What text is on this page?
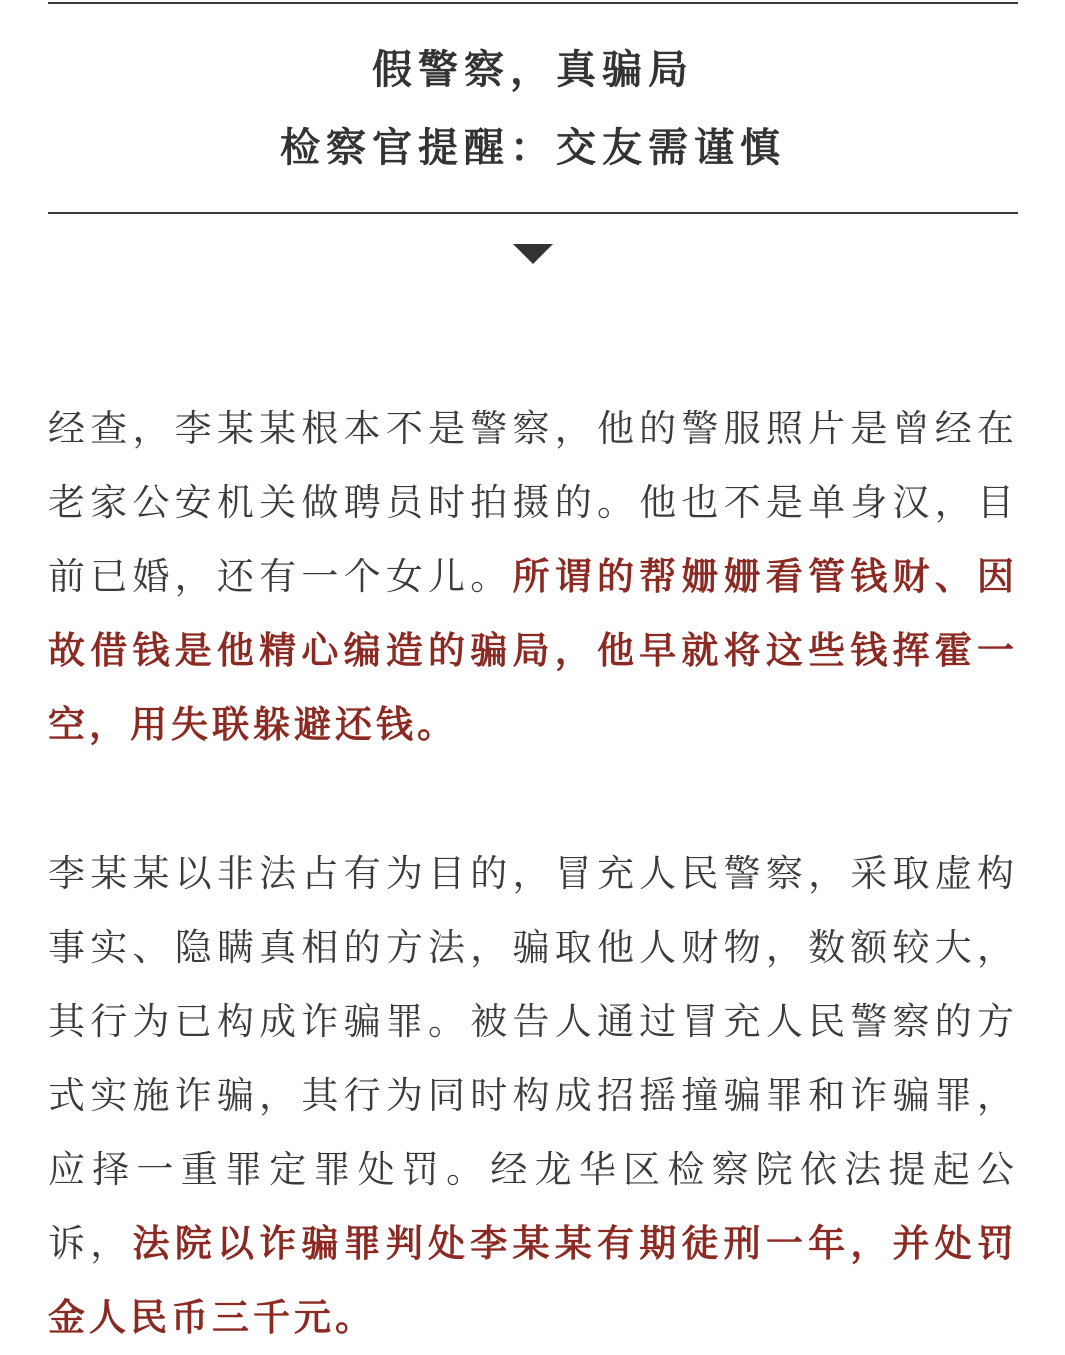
假警察，真骗局
检察官提醒：交友需谨慎

经查，李某某根本不是警察，他的警服照片是曾经在老家公安机关做聘员时拍摄的。他也不是单身汉，目前已婚，还有一个女儿。所谓的帮姗姗看管钱财、因故借钱是他精心编造的骗局，他早就将这些钱挥霍一空，用失联躲避还钱。

李某某以非法占有为目的，冒充人民警察，采取虚构事实、隐瞒真相的方法，骗取他人财物，数额较大，其行为已构成诈骗罪。被告人通过冒充人民警察的方式实施诈骗，其行为同时构成招摇撞骗罪和诈骗罪，应择一重罪定罪处罚。经龙华区检察院依法提起公诉，法院以诈骗罪判处李某某有期徒刑一年，并处罚金人民币三千元。
